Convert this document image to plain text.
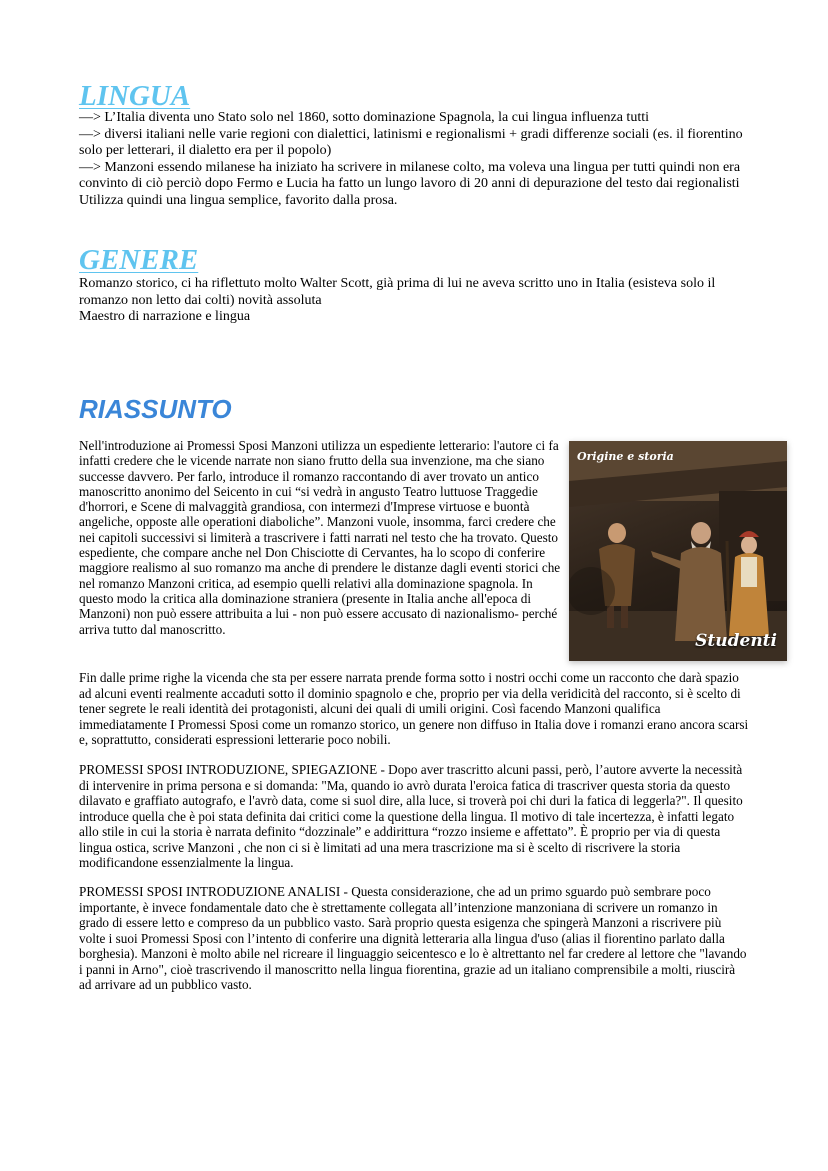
LINGUA

—> L’Italia diventa uno Stato solo nel 1860, sotto dominazione Spagnola, la cui lingua influenza tutti

—> diversi italiani nelle varie regioni con dialettici, latinismi e regionalismi + gradi differenze sociali (es. il fiorentino solo per letterari, il dialetto era per il popolo)

—> Manzoni essendo milanese ha iniziato ha scrivere in milanese colto, ma voleva una lingua per tutti quindi non era convinto di ciò perciò dopo Fermo e Lucia ha fatto un lungo lavoro di 20 anni di depurazione del testo dai regionalisti

Utilizza quindi una lingua semplice, favorito dalla prosa.

GENERE

Romanzo storico, ci ha riflettuto molto Walter Scott, già prima di lui ne aveva scritto uno in Italia (esisteva solo il romanzo non letto dai colti) novità assoluta

Maestro di narrazione e lingua

RIASSUNTO

Nell'introduzione ai Promessi Sposi Manzoni utilizza un espediente letterario: l'autore ci fa infatti credere che le vicende narrate non siano frutto della sua invenzione, ma che siano successe davvero. Per farlo, introduce il romanzo raccontando di aver trovato un antico manoscritto anonimo del Seicento in cui “si vedrà in angusto Teatro luttuose Traggedie d'horrori, e Scene di malvaggità grandiosa, con intermezi d'Imprese virtuose e buontà angeliche, opposte alle operationi diaboliche”. Manzoni vuole, insomma, farci credere che nei capitoli successivi si limiterà a trascrivere i fatti narrati nel testo che ha trovato. Questo espediente, che compare anche nel Don Chisciotte di Cervantes, ha lo scopo di conferire maggiore realismo al suo romanzo ma anche di prendere le distanze dagli eventi storici che nel romanzo Manzoni critica, ad esempio quelli relativi alla dominazione spagnola. In questo modo la critica alla dominazione straniera (presente in Italia anche all'epoca di Manzoni) non può essere attribuita a lui - non può essere accusato di nazionalismo- perché arriva tutto dal manoscritto.

Origine e storia
Studenti

Fin dalle prime righe la vicenda che sta per essere narrata prende forma sotto i nostri occhi come un racconto che darà spazio ad alcuni eventi realmente accaduti sotto il dominio spagnolo e che, proprio per via della veridicità del racconto, si è scelto di tener segrete le reali identità dei protagonisti, alcuni dei quali di umili origini. Così facendo Manzoni qualifica immediatamente I Promessi Sposi come un romanzo storico, un genere non diffuso in Italia dove i romanzi erano ancora scarsi e, soprattutto, considerati espressioni letterarie poco nobili.

PROMESSI SPOSI INTRODUZIONE, SPIEGAZIONE - Dopo aver trascritto alcuni passi, però, l’autore avverte la necessità di intervenire in prima persona e si domanda: "Ma, quando io avrò durata l'eroica fatica di trascriver questa storia da questo dilavato e graffiato autografo, e l'avrò data, come si suol dire, alla luce, si troverà poi chi duri la fatica di leggerla?". Il quesito introduce quella che è poi stata definita dai critici come la questione della lingua. Il motivo di tale incertezza, è infatti legato allo stile in cui la storia è narrata definito “dozzinale” e addirittura “rozzo insieme e affettato”. È proprio per via di questa lingua ostica, scrive Manzoni , che non ci si è limitati ad una mera trascrizione ma si è scelto di riscrivere la storia modificandone essenzialmente la lingua.

PROMESSI SPOSI INTRODUZIONE ANALISI - Questa considerazione, che ad un primo sguardo può sembrare poco importante, è invece fondamentale dato che è strettamente collegata all’intenzione manzoniana di scrivere un romanzo in grado di essere letto e compreso da un pubblico vasto. Sarà proprio questa esigenza che spingerà Manzoni a riscrivere più volte i suoi Promessi Sposi con l’intento di conferire una dignità letteraria alla lingua d'uso (alias il fiorentino parlato dalla borghesia). Manzoni è molto abile nel ricreare il linguaggio seicentesco e lo è altrettanto nel far credere al lettore che "lavando i panni in Arno", cioè trascrivendo il manoscritto nella lingua fiorentina, grazie ad un italiano comprensibile a molti, riuscirà ad arrivare ad un pubblico vasto.
